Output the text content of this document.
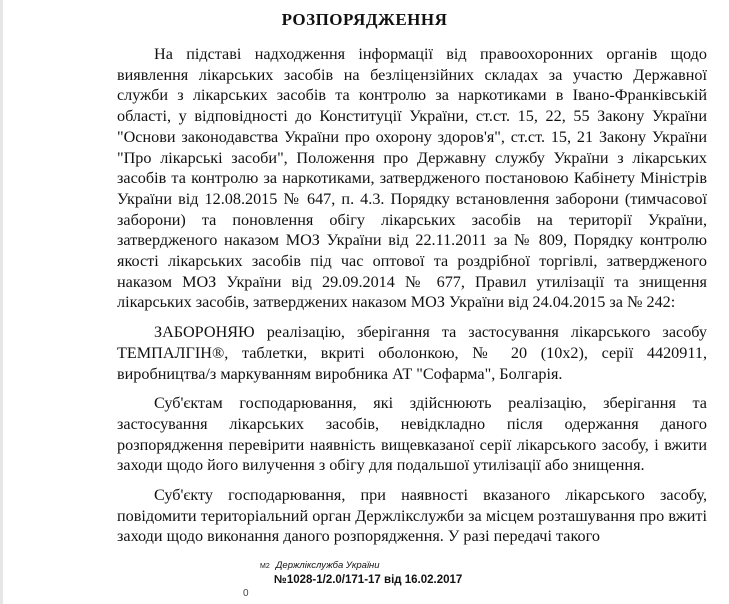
РОЗПОРЯДЖЕННЯ

На підставі надходження інформації від правоохоронних органів щодо виявлення лікарських засобів на безліцензійних складах за участю Державної служби з лікарських засобів та контролю за наркотиками в Івано-Франківській області, у відповідності до Конституції України, ст.ст. 15, 22, 55 Закону України "Основи законодавства України про охорону здоров'я", ст.ст. 15, 21 Закону України "Про лікарські засоби", Положення про Державну службу України з лікарських засобів та контролю за наркотиками, затвердженого постановою Кабінету Міністрів України від 12.08.2015 № 647, п. 4.3. Порядку встановлення заборони (тимчасової заборони) та поновлення обігу лікарських засобів на території України, затвердженого наказом МОЗ України від 22.11.2011 за № 809, Порядку контролю якості лікарських засобів під час оптової та роздрібної торгівлі, затвердженого наказом МОЗ України від 29.09.2014 № 677, Правил утилізації та знищення лікарських засобів, затверджених наказом МОЗ України від 24.04.2015 за № 242:

ЗАБОРОНЯЮ реалізацію, зберігання та застосування лікарського засобу ТЕМПАЛГІН®, таблетки, вкриті оболонкою, № 20 (10х2), серії 4420911, виробництва/з маркуванням виробника АТ "Софарма", Болгарія.

Суб'єктам господарювання, які здійснюють реалізацію, зберігання та застосування лікарських засобів, невідкладно після одержання даного розпорядження перевірити наявність вищевказаної серії лікарського засобу, і вжити заходи щодо його вилучення з обігу для подальшої утилізації або знищення.

Суб'єкту господарювання, при наявності вказаного лікарського засобу, повідомити територіальний орган Держлікслужби за місцем розташування про вжиті заходи щодо виконання даного розпорядження. У разі передачі такого

М2 Держлікслужба України
№1028-1/2.0/171-17 від 16.02.2017
0
